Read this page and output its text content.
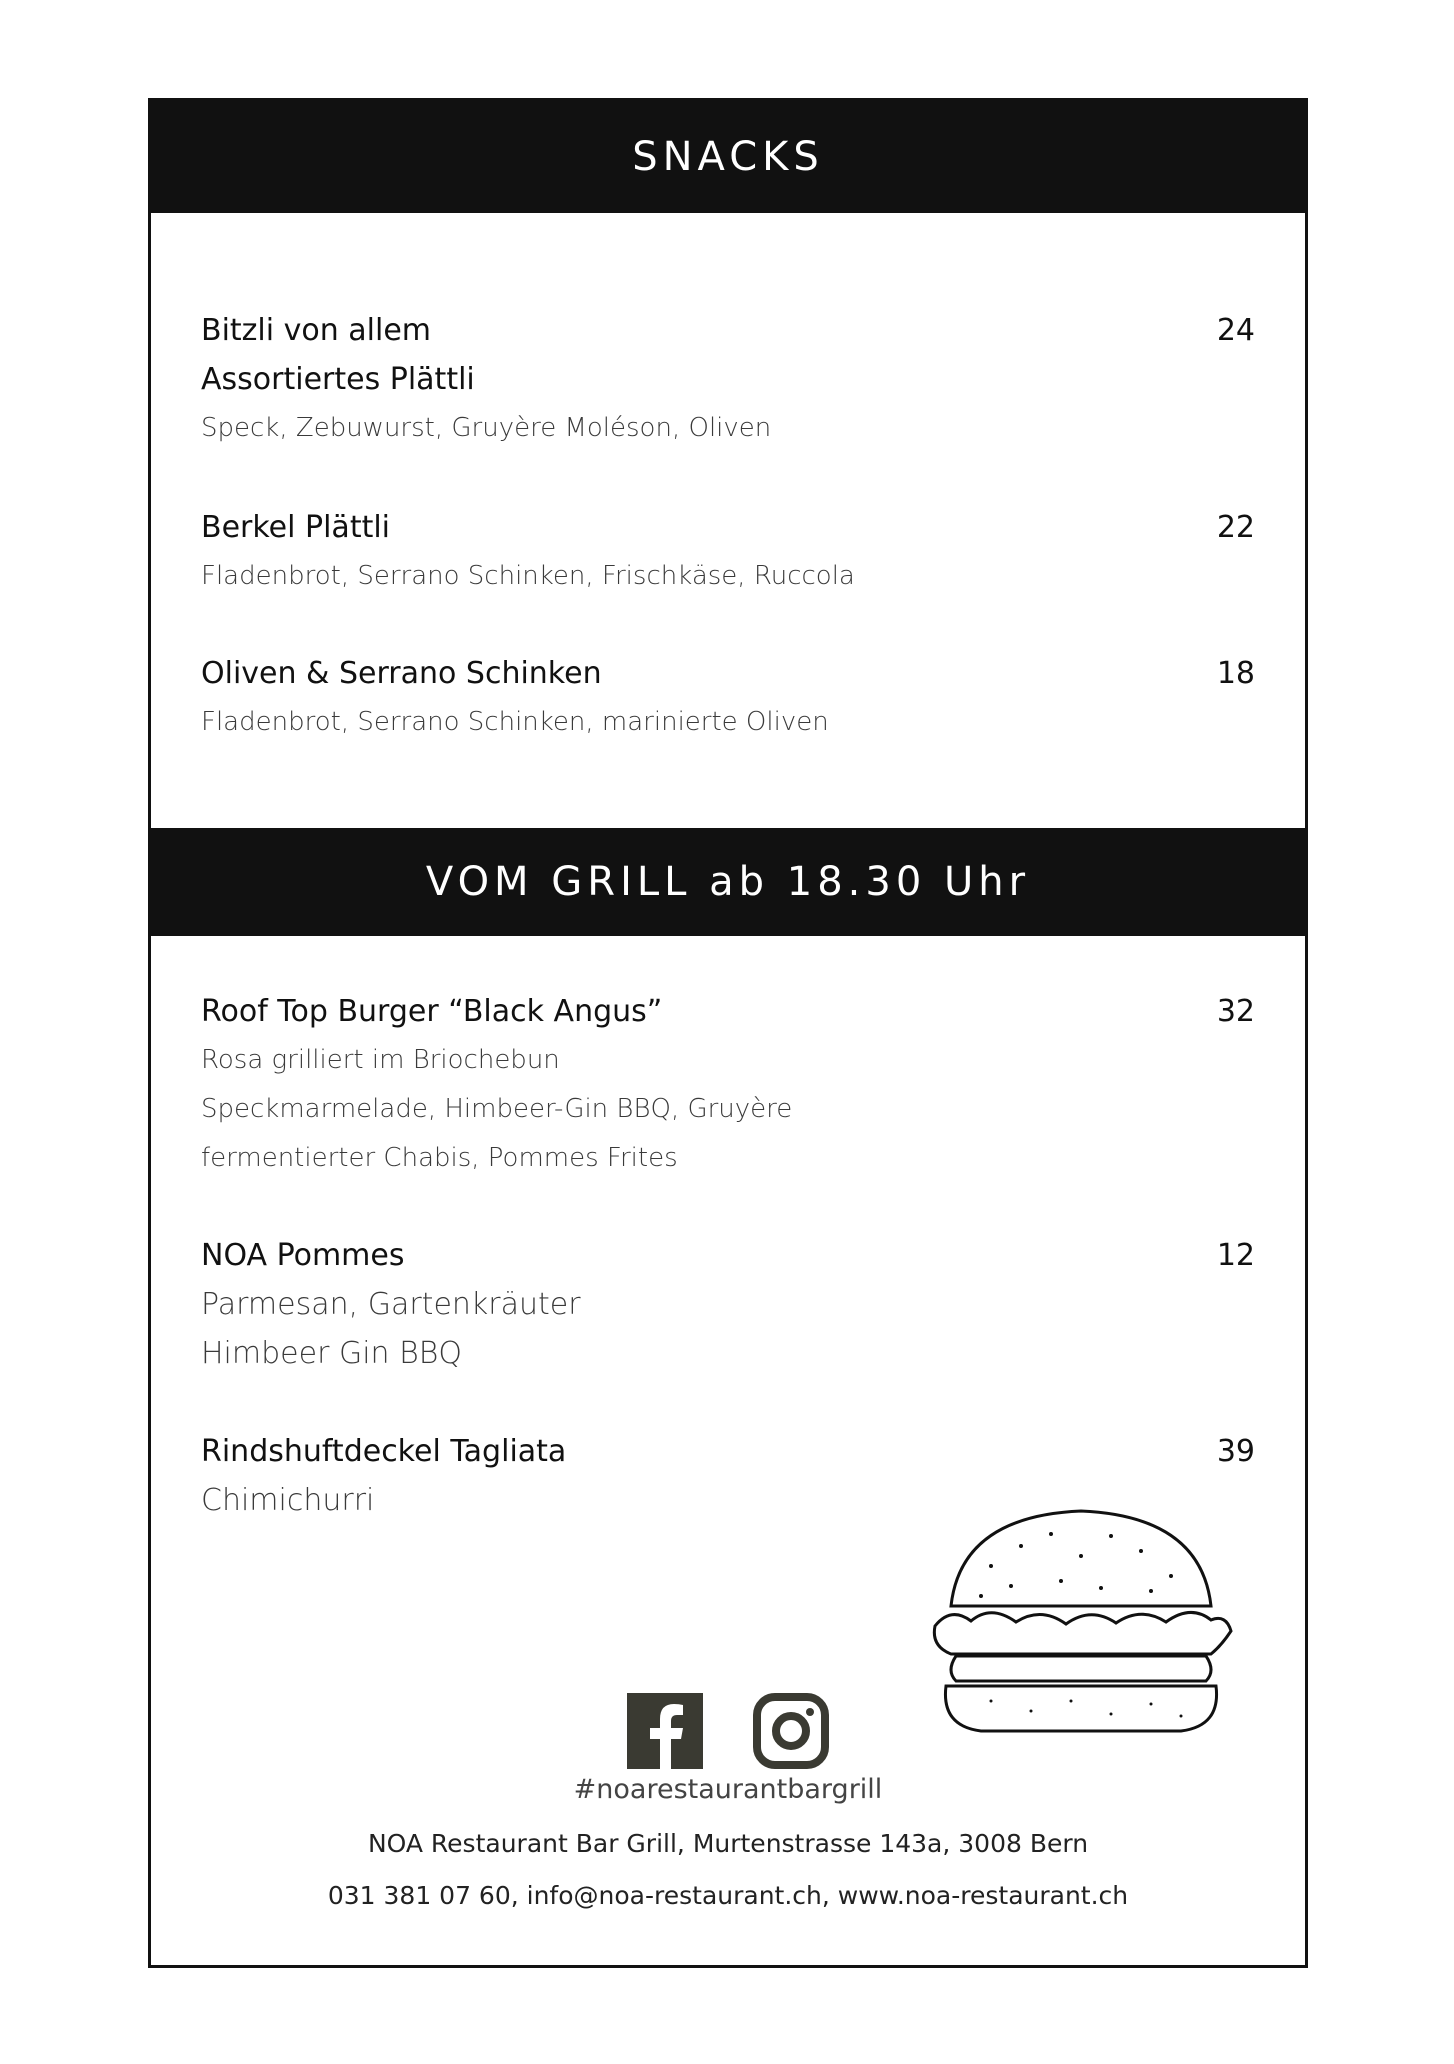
SNACKS
Bitzli von allem	24
Assortiertes Plättli
Speck, Zebuwurst, Gruyère Moléson, Oliven
Berkel Plättli	22
Fladenbrot, Serrano Schinken, Frischkäse, Ruccola
Oliven & Serrano Schinken	18
Fladenbrot, Serrano Schinken, marinierte Oliven
VOM GRILL ab 18.30 Uhr
Roof Top Burger “Black Angus”	32
Rosa grilliert im Briochebun
Speckmarmelade, Himbeer-Gin BBQ, Gruyère
fermentierter Chabis, Pommes Frites
NOA Pommes	12
Parmesan, Gartenkräuter
Himbeer Gin BBQ
Rindshuftdeckel Tagliata	39
Chimichurri
#noarestaurantbargrill
NOA Restaurant Bar Grill, Murtenstrasse 143a, 3008 Bern
031 381 07 60, info@noa-restaurant.ch, www.noa-restaurant.ch
